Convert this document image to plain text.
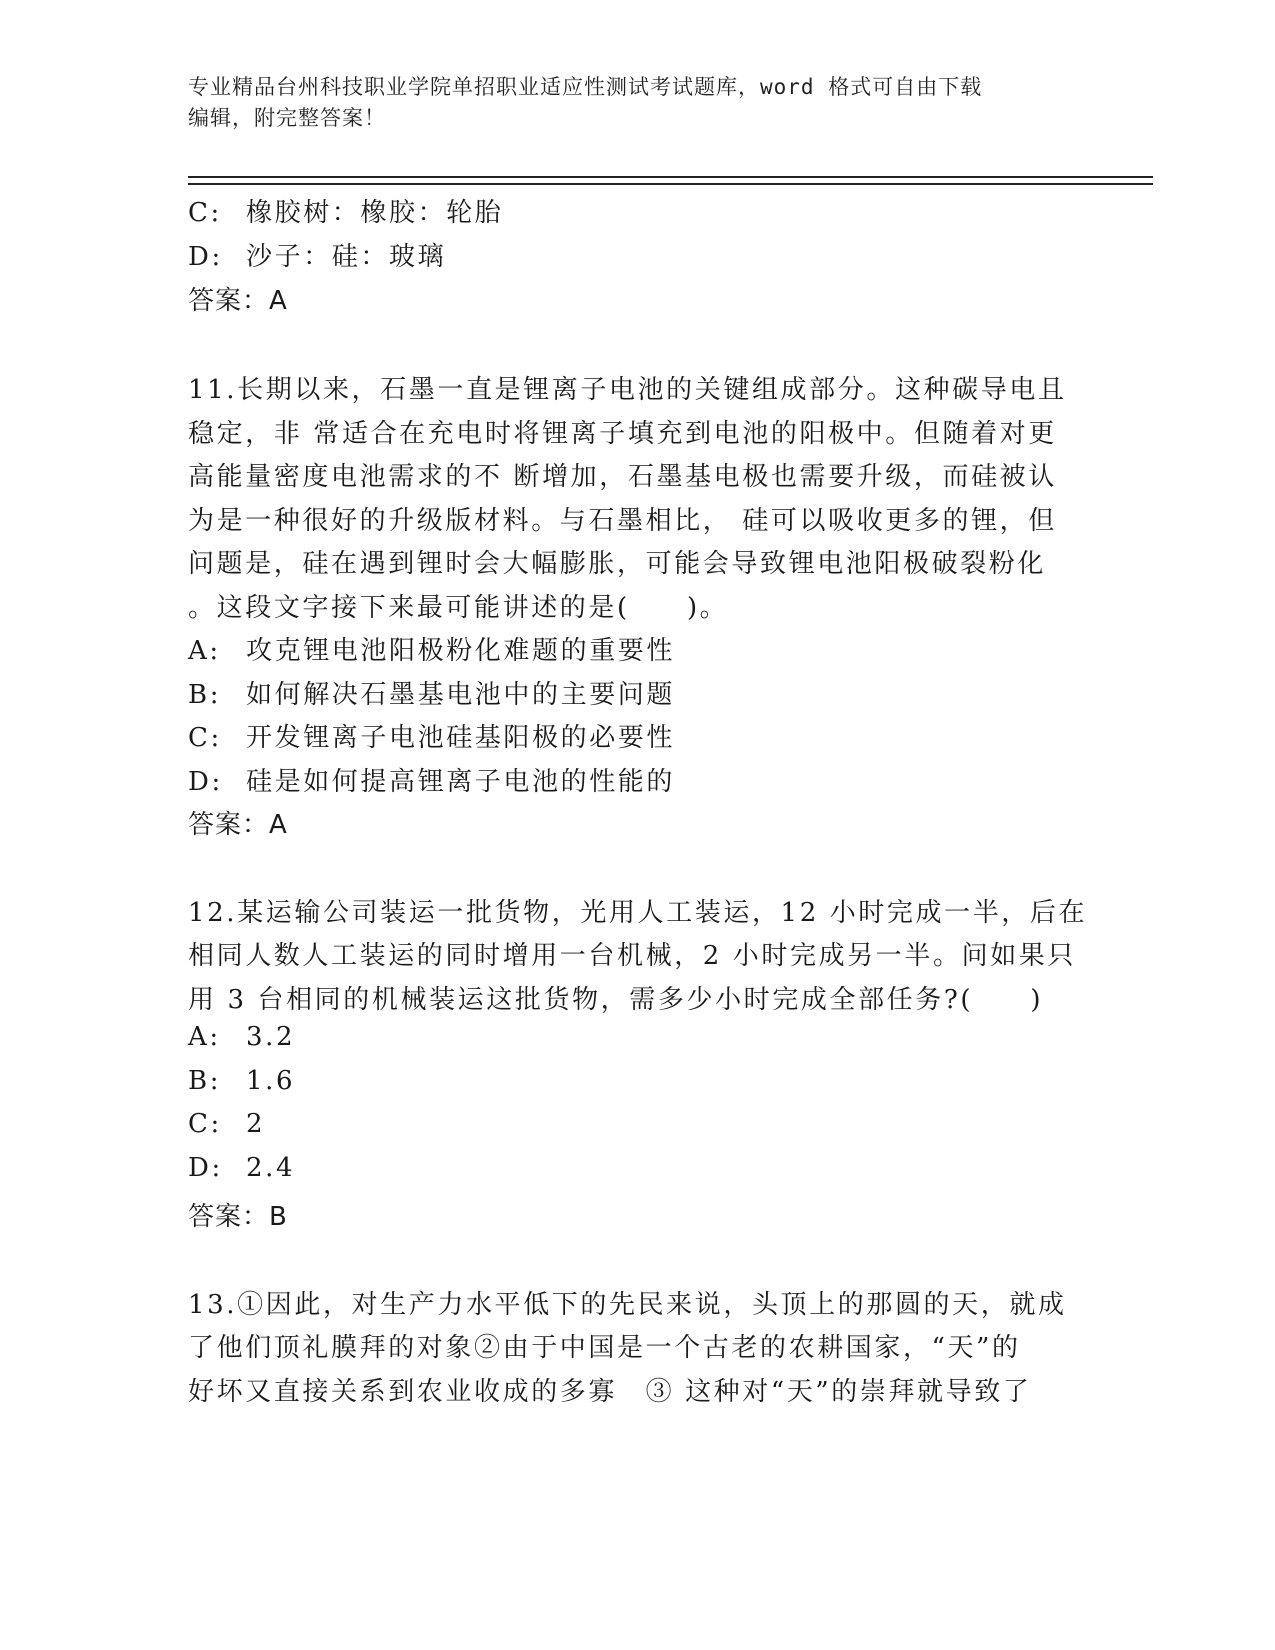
专业精品台州科技职业学院单招职业适应性测试考试题库，word 格式可自由下载
编辑，附完整答案！
C: 橡胶树：橡胶：轮胎
D: 沙子：硅：玻璃
答案：A
11.长期以来，石墨一直是锂离子电池的关键组成部分。这种碳导电且
稳定，非 常适合在充电时将锂离子填充到电池的阳极中。但随着对更
高能量密度电池需求的不 断增加，石墨基电极也需要升级，而硅被认
为是一种很好的升级版材料。与石墨相比， 硅可以吸收更多的锂，但
问题是，硅在遇到锂时会大幅膨胀，可能会导致锂电池阳极破裂粉化
。这段文字接下来最可能讲述的是(　　)。
A: 攻克锂电池阳极粉化难题的重要性
B: 如何解决石墨基电池中的主要问题
C: 开发锂离子电池硅基阳极的必要性
D: 硅是如何提高锂离子电池的性能的
答案：A
12.某运输公司装运一批货物，光用人工装运，12 小时完成一半，后在
相同人数人工装运的同时增用一台机械，2 小时完成另一半。问如果只
用 3 台相同的机械装运这批货物，需多少小时完成全部任务?(　　)
A: 3.2
B: 1.6
C: 2
D: 2.4
答案：B
13.①因此，对生产力水平低下的先民来说，头顶上的那圆的天，就成
了他们顶礼膜拜的对象②由于中国是一个古老的农耕国家，“天”的
好坏又直接关系到农业收成的多寡　③ 这种对“天”的崇拜就导致了
